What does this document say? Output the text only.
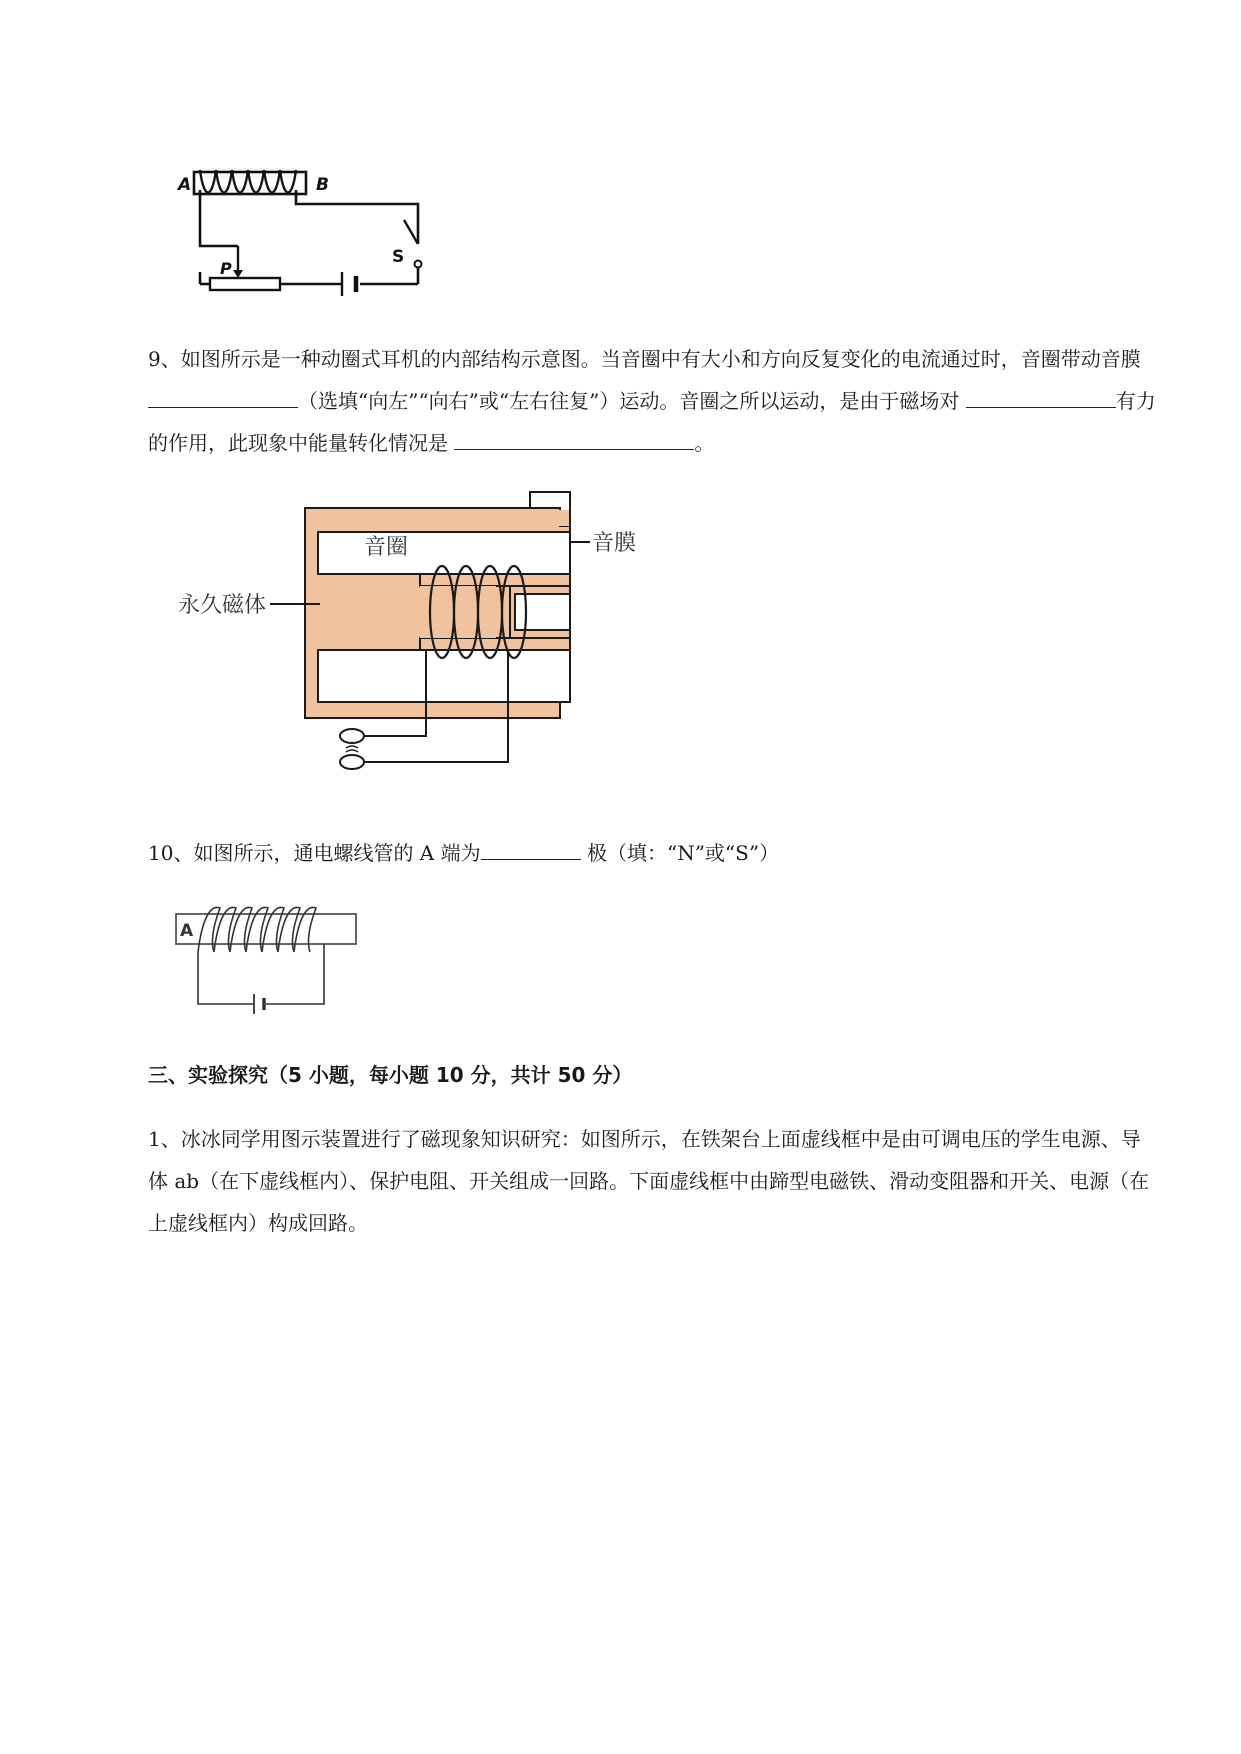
A	B
S
P
9、如图所示是一种动圈式耳机的内部结构示意图。当音圈中有大小和方向反复变化的电流通过时，音圈带动音膜 （选填“向左”“向右”或“左右往复”）运动。音圈之所以运动，是由于磁场对	有力的作用，此现象中能量转化情况是	。
音圈	音膜
永久磁体
10、如图所示，通电螺线管的 A 端为	极（填：“N”或“S”）
A
三、实验探究（5 小题，每小题 10 分，共计 50 分）
1、冰冰同学用图示装置进行了磁现象知识研究：如图所示，在铁架台上面虚线框中是由可调电压的学生电源、导体 ab（在下虚线框内）、保护电阻、开关组成一回路。下面虚线框中由蹄型电磁铁、滑动变阻器和开关、电源（在上虚线框内）构成回路。
